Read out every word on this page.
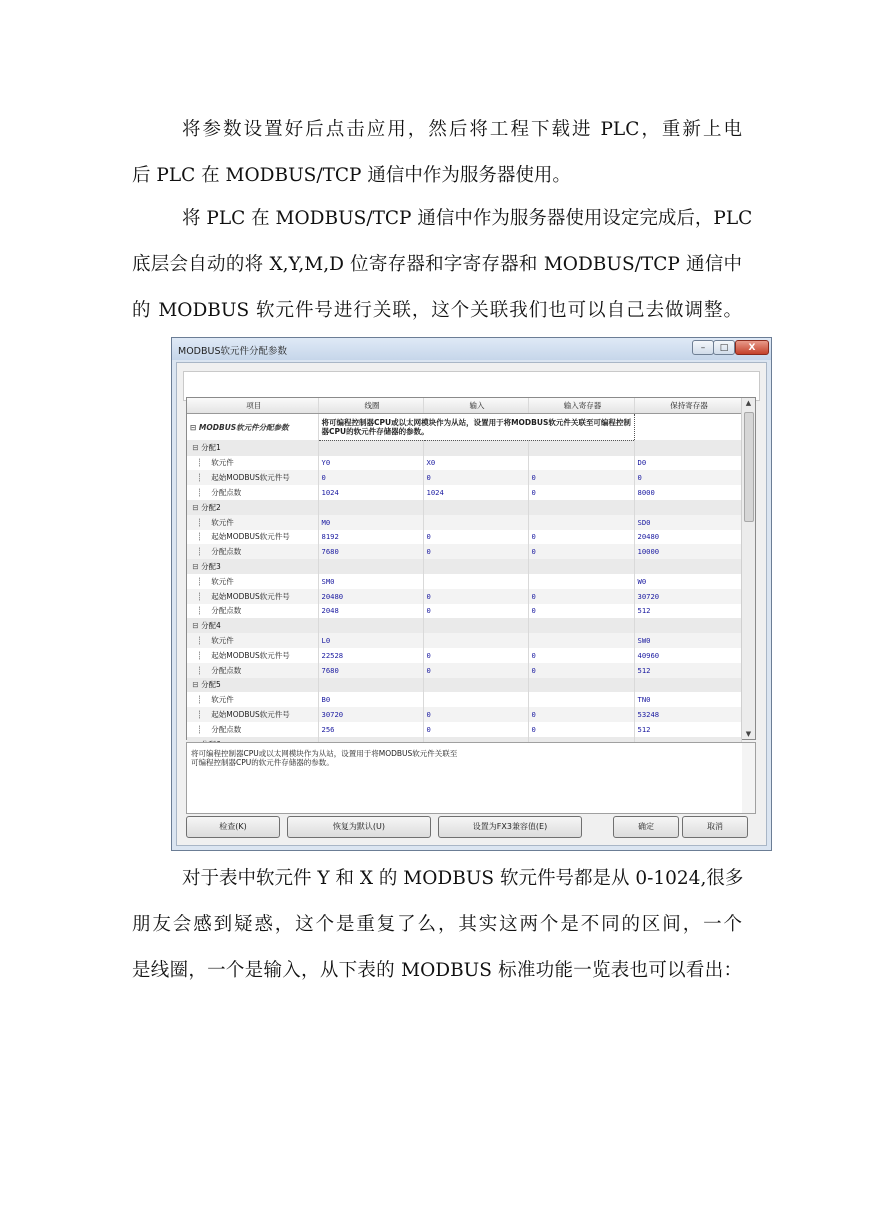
将参数设置好后点击应用，然后将工程下载进 PLC，重新上电
后 PLC 在 MODBUS/TCP 通信中作为服务器使用。

将 PLC 在 MODBUS/TCP 通信中作为服务器使用设定完成后，PLC
底层会自动的将 X,Y,M,D 位寄存器和字寄存器和 MODBUS/TCP 通信中
的 MODBUS 软元件号进行关联，这个关联我们也可以自己去做调整。

MODBUS软元件分配参数	–	□	X
项目	线圈	输入	输入寄存器	保持寄存器
⊟ MODBUS软元件分配参数	将可编程控制器CPU或以太网模块作为从站，设置用于将MODBUS软元件关联至可编程控制器CPU的软元件存储器的参数。			
⊟ 分配1				
┊    软元件	Y0	X0		D0
┊    起始MODBUS软元件号	0	0	0	0
┊    分配点数	1024	1024	0	8000
⊟ 分配2				
┊    软元件	M0			SD0
┊    起始MODBUS软元件号	8192	0	0	20480
┊    分配点数	7680	0	0	10000
⊟ 分配3				
┊    软元件	SM0			W0
┊    起始MODBUS软元件号	20480	0	0	30720
┊    分配点数	2048	0	0	512
⊟ 分配4				
┊    软元件	L0			SW0
┊    起始MODBUS软元件号	22528	0	0	40960
┊    分配点数	7680	0	0	512
⊟ 分配5				
┊    软元件	B0			TN0
┊    起始MODBUS软元件号	30720	0	0	53248
┊    分配点数	256	0	0	512

▲
▼
将可编程控制器CPU或以太网模块作为从站，设置用于将MODBUS软元件关联至
可编程控制器CPU的软元件存储器的参数。
检查(K)	恢复为默认(U)	设置为FX3兼容值(E)	确定	取消

对于表中软元件 Y 和 X 的 MODBUS 软元件号都是从 0-1024,很多
朋友会感到疑惑，这个是重复了么，其实这两个是不同的区间，一个
是线圈，一个是输入，从下表的 MODBUS 标准功能一览表也可以看出：
